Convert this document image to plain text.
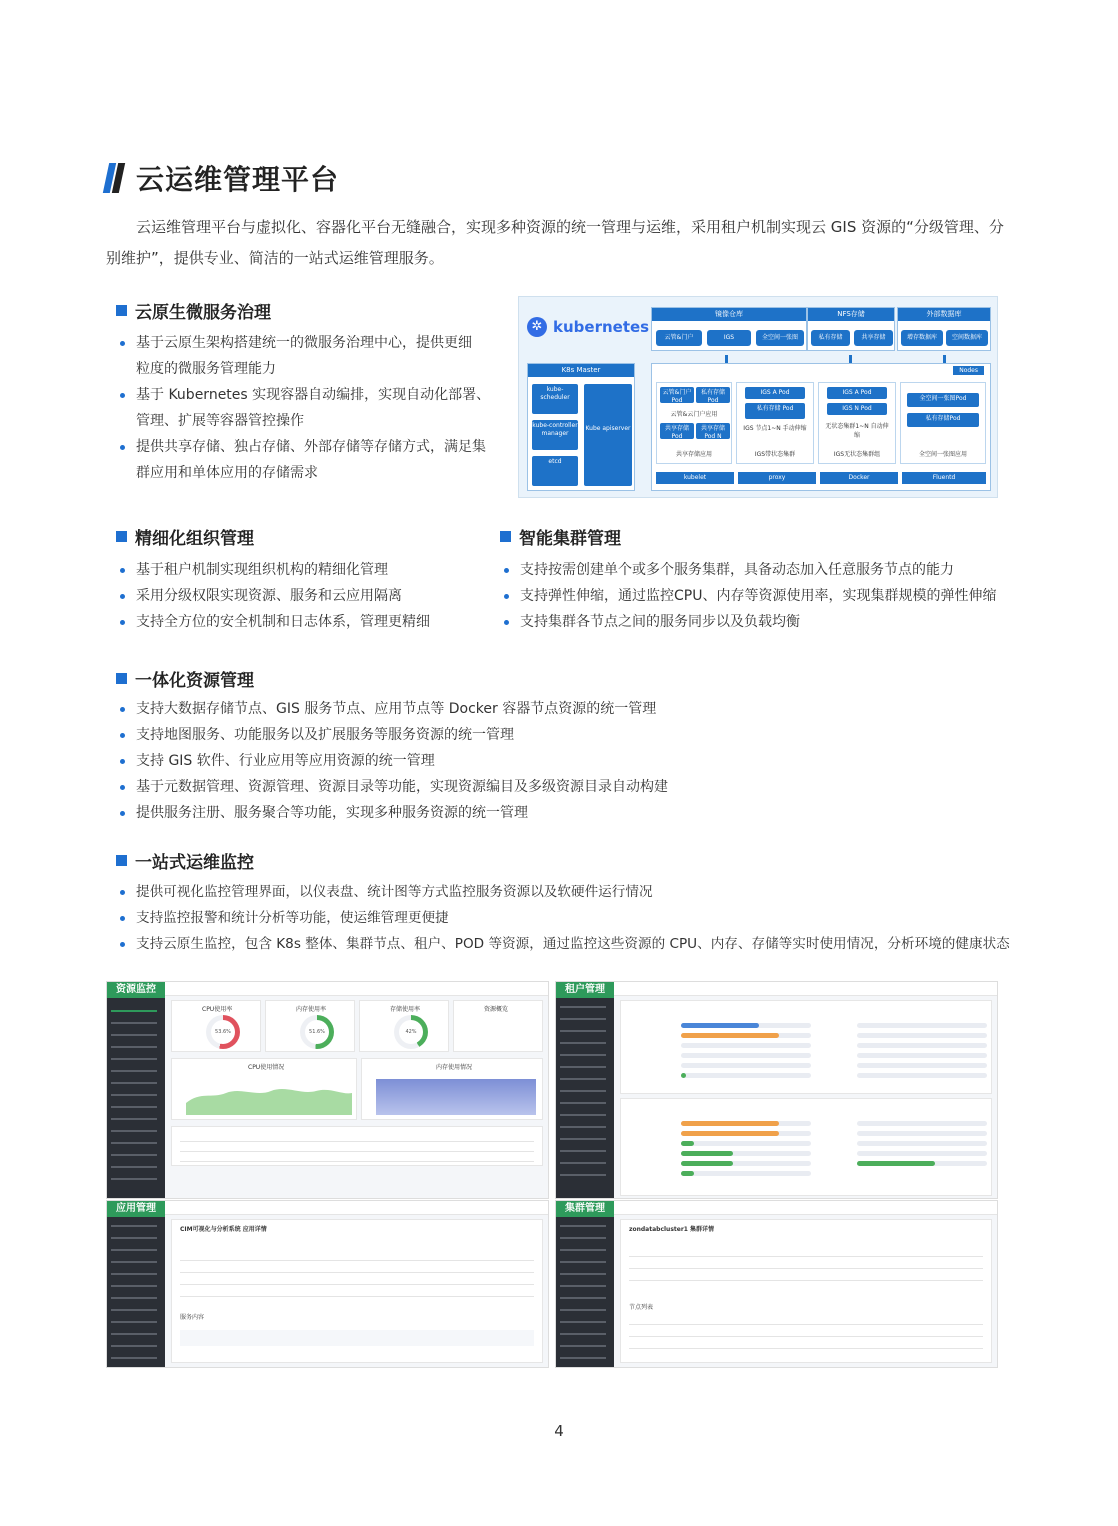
云运维管理平台

云运维管理平台与虚拟化、容器化平台无缝融合，实现多种资源的统一管理与运维，采用租户机制实现云 GIS 资源的“分级管理、分别维护”，提供专业、简洁的一站式运维管理服务。

云原生微服务治理
基于云原生架构搭建统一的微服务治理中心，提供更细
粒度的微服务管理能力
基于 Kubernetes 实现容器自动编排，实现自动化部署、
管理、扩展等容器管控操作
提供共享存储、独占存储、外部存储等存储方式，满足集
群应用和单体应用的存储需求
✲ kubernetes
镜像仓库
云管&门户	IGS	全空间一张图
NFS存储
私有存储	共享存储
外部数据库
增存数据库	空间数据库
K8s Master
kube-scheduler
kube-controller manager
etcd
Kube apiserver
Nodes
云管&门户 Pod
私有存储 Pod
云管&云门户应用
共享存储 Pod
共享存储 Pod N
共享存储应用
IGS A Pod
私有存储 Pod
IGS 节点1~N 手动伸缩
IGS带状态集群
IGS A Pod
IGS N Pod
无状态集群1~N 自动伸缩
IGS无状态集群组
全空间一张图Pod
私有存储Pod
全空间一张图应用
kubelet	proxy	Docker	Fluentd
精细化组织管理
基于租户机制实现组织机构的精细化管理
采用分级权限实现资源、服务和云应用隔离
支持全方位的安全机制和日志体系，管理更精细
智能集群管理
支持按需创建单个或多个服务集群，具备动态加入任意服务节点的能力
支持弹性伸缩，通过监控CPU、内存等资源使用率，实现集群规模的弹性伸缩
支持集群各节点之间的服务同步以及负载均衡
一体化资源管理
支持大数据存储节点、GIS 服务节点、应用节点等 Docker 容器节点资源的统一管理
支持地图服务、功能服务以及扩展服务等服务资源的统一管理
支持 GIS 软件、行业应用等应用资源的统一管理
基于元数据管理、资源管理、资源目录等功能，实现资源编目及多级资源目录自动构建
提供服务注册、服务聚合等功能，实现多种服务资源的统一管理
一站式运维监控
提供可视化监控管理界面，以仪表盘、统计图等方式监控服务资源以及软硬件运行情况
支持监控报警和统计分析等功能，使运维管理更便捷
支持云原生监控，包含 K8s 整体、集群节点、租户、POD 等资源，通过监控这些资源的 CPU、内存、存储等实时使用情况，分析环境的健康状态
资源监控
CPU使用率
53.6%
内存使用率
51.6%
存储使用率
42%
资源概览
CPU使用情况	内存使用情况
租户管理
应用管理
CIM可视化与分析系统 应用详情
服务内容
集群管理
zondatabcluster1 集群详情
节点列表
4
